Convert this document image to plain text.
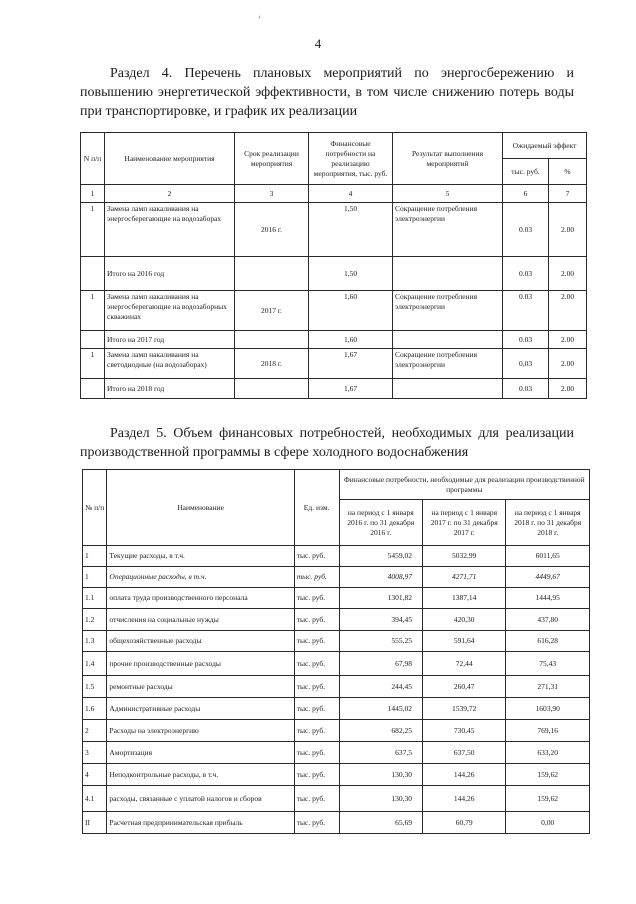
ʻ
4
Раздел 4. Перечень плановых мероприятий по энергосбережению и повышению энергетической эффективности, в том числе снижению потерь воды при транспортировке, и график их реализации
N п/п	Наименование мероприятия	Срок реализации мероприятия	Финансовые потребности на реализацию мероприятия, тыс. руб.	Результат выполнения мероприятий	Ожидаемый эффект	
					тыс. руб.	%
1	2	3	4	5	6	7
1	Замена ламп накаливания на энергосберегающие на водозаборах	2016 г.	1,50	Сокращение потребления электроэнергии	0.03	2.00
	Итого на 2016 год		1,50		0.03	2.00
1	Замена ламп накаливания на энергосберегающие на водозаборных скважинах	2017 г.	1,60	Сокращение потребления электроэнергии	0.03	2.00
	Итого на 2017 год		1,60		0.03	2.00
1	Замена ламп накаливания на светодиодные (на водозаборах)	2018 г.	1,67	Сокращение потребления электроэнергии	0,03	2.00
	Итого на 2018 год		1,67		0.03	2.00
Раздел 5. Объем финансовых потребностей, необходимых для реализации производственной программы в сфере холодного водоснабжения
№ п/п	Наименование	Ед. изм.	Финансовые потребности, необходимые для реализации производственной программы		
			на период с 1 января 2016 г. по 31 декабря 2016 г.	на период с 1 января 2017 г. по 31 декабря 2017 г.	на период с 1 января 2018 г. по 31 декабря 2018 г.
1	Текущие расходы, в т.ч.	тыс. руб.	5459,02	5032,99	6011,65
1	Операционные расходы, в т.ч.	тыс. руб.	4008,97	4271,71	4449,67
1.1	оплата труда производственного персонала	тыс. руб.	1301,82	1387,14	1444,95
1.2	отчисления на социальные нужды	тыс. руб.	394,45	420,30	437,80
1.3	общехозяйственные расходы	тыс. руб.	555,25	591,64	616,28
1.4	прочие производственные расходы	тыс. руб.	67,98	72,44	75,43
1.5	ремонтные расходы	тыс. руб.	244,45	260,47	271,31
1.6	Административные расходы	тыс. руб.	1445,02	1539,72	1603,90
2	Расходы на электроэнергию	тыс. руб.	682,25	730,45	769,16
3	Амортизация	тыс. руб.	637,5	637,50	633,20
4	Неподконтрольные расходы, в т.ч.	тыс. руб.	130,30	144,26	159,62
4.1	расходы, связанные с уплатой налогов и сборов	тыс. руб.	130,30	144,26	159,62
II	Расчетная предпринимательская прибыль	тыс. руб.	65,69	60,79	0,00
